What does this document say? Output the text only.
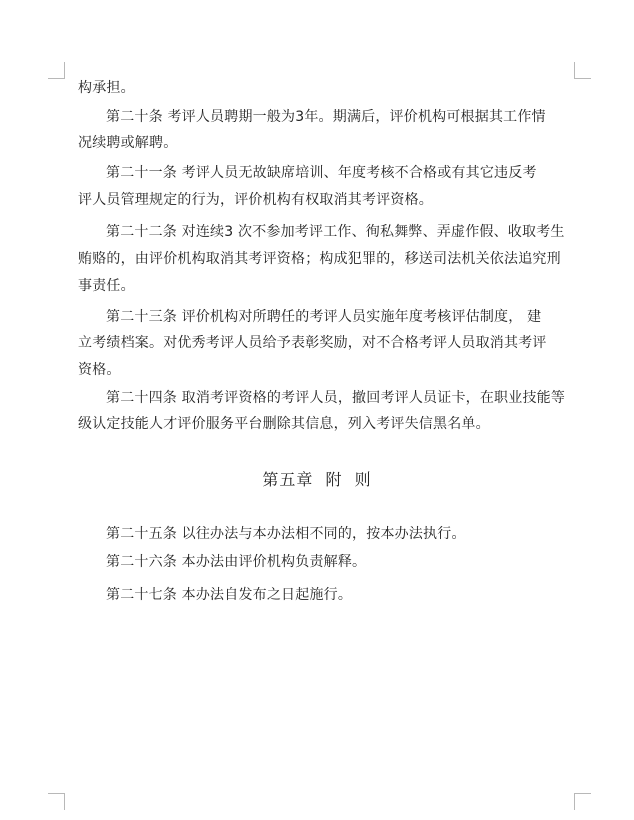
构承担。
第二十条 考评人员聘期一般为3年。期满后，评价机构可根据其工作情
况续聘或解聘。
第二十一条 考评人员无故缺席培训、年度考核不合格或有其它违反考
评人员管理规定的行为，评价机构有权取消其考评资格。
第二十二条 对连续3 次不参加考评工作、徇私舞弊、弄虚作假、收取考生
贿赂的，由评价机构取消其考评资格；构成犯罪的，移送司法机关依法追究刑
事责任。
第二十三条 评价机构对所聘任的考评人员实施年度考核评估制度， 建
立考绩档案。对优秀考评人员给予表彰奖励，对不合格考评人员取消其考评
资格。
第二十四条 取消考评资格的考评人员，撤回考评人员证卡，在职业技能等
级认定技能人才评价服务平台删除其信息，列入考评失信黑名单。
第五章  附  则
第二十五条 以往办法与本办法相不同的，按本办法执行。
第二十六条 本办法由评价机构负责解释。
第二十七条 本办法自发布之日起施行。
